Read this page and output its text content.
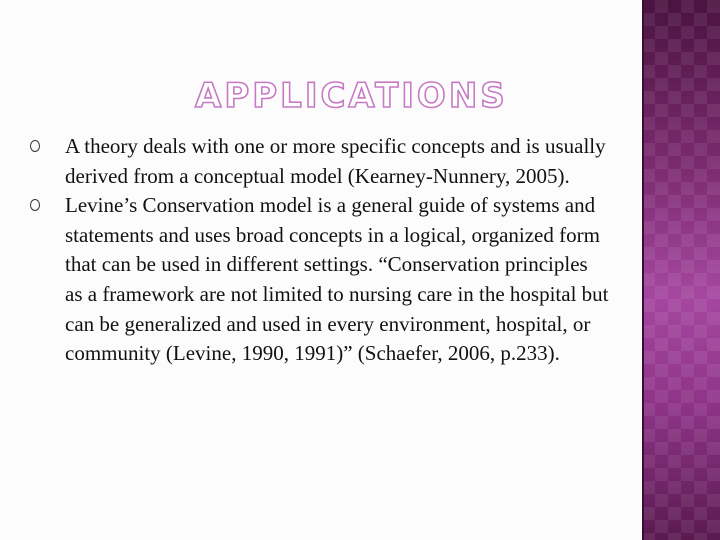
APPLICATIONS
A theory deals with one or more specific concepts and is usually derived from a conceptual model (Kearney-Nunnery, 2005).
Levine’s Conservation model is a general guide of systems and statements and uses broad concepts in a logical, organized form that can be used in different settings. “Conservation principles as a framework are not limited to nursing care in the hospital but can be generalized and used in every environment, hospital, or community (Levine, 1990, 1991)” (Schaefer, 2006, p.233).
